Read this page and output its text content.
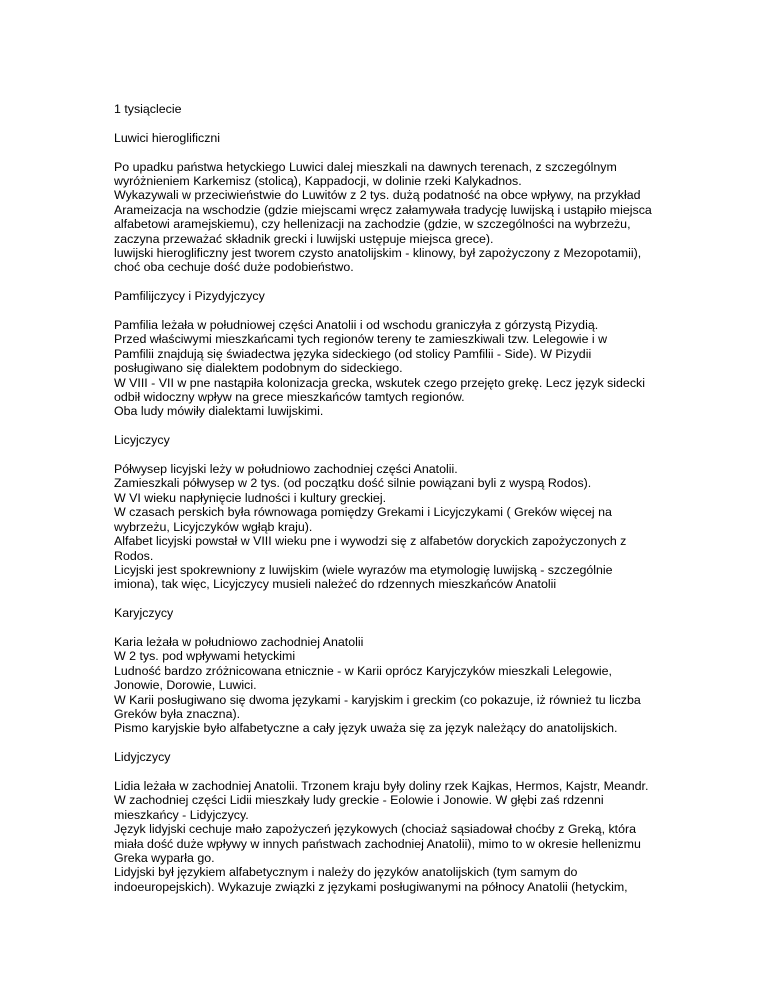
1 tysiąclecie
Luwici hieroglificzni
Po upadku państwa hetyckiego Luwici dalej mieszkali na dawnych terenach, z szczególnym
wyróżnieniem Karkemisz (stolicą), Kappadocji, w dolinie rzeki Kalykadnos.
Wykazywali w przeciwieństwie do Luwitów z 2 tys. dużą podatność na obce wpływy, na przykład
Arameizacja na wschodzie (gdzie miejscami wręcz załamywała tradycję luwijską i ustąpiło miejsca
alfabetowi aramejskiemu), czy hellenizacji na zachodzie (gdzie, w szczególności na wybrzeżu,
zaczyna przeważać składnik grecki i luwijski ustępuje miejsca grece).
luwijski hieroglificzny jest tworem czysto anatolijskim - klinowy, był zapożyczony z Mezopotamii),
choć oba cechuje dość duże podobieństwo.
Pamfilijczycy i Pizydyjczycy
Pamfilia leżała w południowej części Anatolii i od wschodu graniczyła z górzystą Pizydią.
Przed właściwymi mieszkańcami tych regionów tereny te zamieszkiwali tzw. Lelegowie i w
Pamfilii znajdują się świadectwa języka sideckiego (od stolicy Pamfilii - Side). W Pizydii
posługiwano się dialektem podobnym do sideckiego.
W VIII - VII w pne nastąpiła kolonizacja grecka, wskutek czego przejęto grekę. Lecz język sidecki
odbił widoczny wpływ na grece mieszkańców tamtych regionów.
Oba ludy mówiły dialektami luwijskimi.
Licyjczycy
Półwysep licyjski leży w południowo zachodniej części Anatolii.
Zamieszkali półwysep w 2 tys. (od początku dość silnie powiązani byli z wyspą Rodos).
W VI wieku napłynięcie ludności i kultury greckiej.
W czasach perskich była równowaga pomiędzy Grekami i Licyjczykami ( Greków więcej na
wybrzeżu, Licyjczyków wgłąb kraju).
Alfabet licyjski powstał w VIII wieku pne i wywodzi się z alfabetów doryckich zapożyczonych z
Rodos.
Licyjski jest spokrewniony z luwijskim (wiele wyrazów ma etymologię luwijską - szczególnie
imiona), tak więc, Licyjczycy musieli należeć do rdzennych mieszkańców Anatolii
Karyjczycy
Karia leżała w południowo zachodniej Anatolii
W 2 tys. pod wpływami hetyckimi
Ludność bardzo zróżnicowana etnicznie - w Karii oprócz Karyjczyków mieszkali Lelegowie,
Jonowie, Dorowie, Luwici.
W Karii posługiwano się dwoma językami - karyjskim i greckim (co pokazuje, iż również tu liczba
Greków była znaczna).
Pismo karyjskie było alfabetyczne a cały język uważa się za język należący do anatolijskich.
Lidyjczycy
Lidia leżała w zachodniej Anatolii. Trzonem kraju były doliny rzek Kajkas, Hermos, Kajstr, Meandr.
W zachodniej części Lidii mieszkały ludy greckie - Eolowie i Jonowie. W głębi zaś rdzenni
mieszkańcy - Lidyjczycy.
Język lidyjski cechuje mało zapożyczeń językowych (chociaż sąsiadował choćby z Greką, która
miała dość duże wpływy w innych państwach zachodniej Anatolii), mimo to w okresie hellenizmu
Greka wyparła go.
Lidyjski był językiem alfabetycznym i należy do języków anatolijskich (tym samym do
indoeuropejskich). Wykazuje związki z językami posługiwanymi na północy Anatolii (hetyckim,
